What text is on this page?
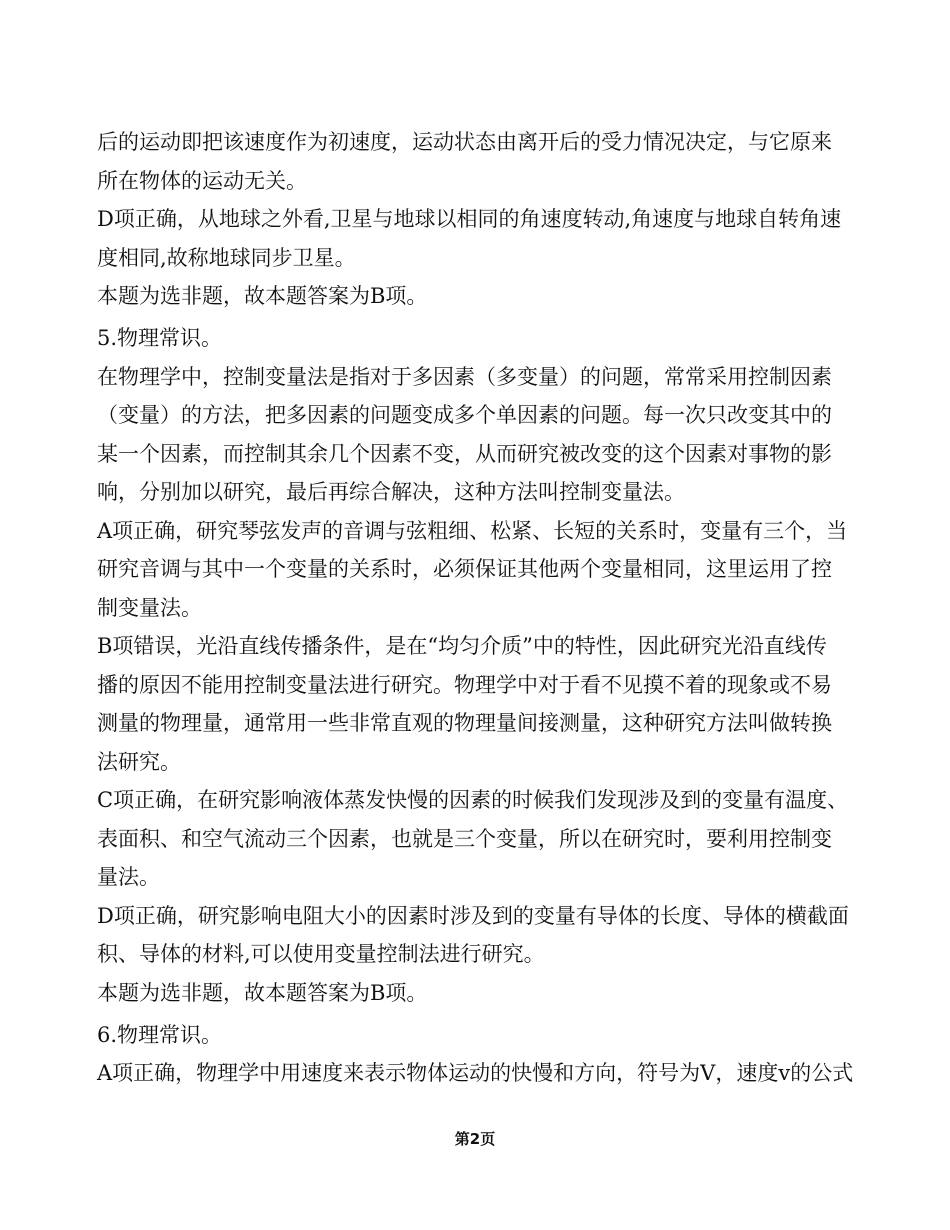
后的运动即把该速度作为初速度，运动状态由离开后的受力情况决定，与它原来
所在物体的运动无关。
D项正确，从地球之外看,卫星与地球以相同的角速度转动,角速度与地球自转角速
度相同,故称地球同步卫星。
本题为选非题，故本题答案为B项。
5.物理常识。
在物理学中，控制变量法是指对于多因素（多变量）的问题，常常采用控制因素
（变量）的方法，把多因素的问题变成多个单因素的问题。每一次只改变其中的
某一个因素，而控制其余几个因素不变，从而研究被改变的这个因素对事物的影
响，分别加以研究，最后再综合解决，这种方法叫控制变量法。
A项正确，研究琴弦发声的音调与弦粗细、松紧、长短的关系时，变量有三个，当
研究音调与其中一个变量的关系时，必须保证其他两个变量相同，这里运用了控
制变量法。
B项错误，光沿直线传播条件，是在“均匀介质”中的特性，因此研究光沿直线传
播的原因不能用控制变量法进行研究。物理学中对于看不见摸不着的现象或不易
测量的物理量，通常用一些非常直观的物理量间接测量，这种研究方法叫做转换
法研究。
C项正确，在研究影响液体蒸发快慢的因素的时候我们发现涉及到的变量有温度、
表面积、和空气流动三个因素，也就是三个变量，所以在研究时，要利用控制变
量法。
D项正确，研究影响电阻大小的因素时涉及到的变量有导体的长度、导体的横截面
积、导体的材料,可以使用变量控制法进行研究。
本题为选非题，故本题答案为B项。
6.物理常识。
A项正确，物理学中用速度来表示物体运动的快慢和方向，符号为V，速度v的公式
第2页
